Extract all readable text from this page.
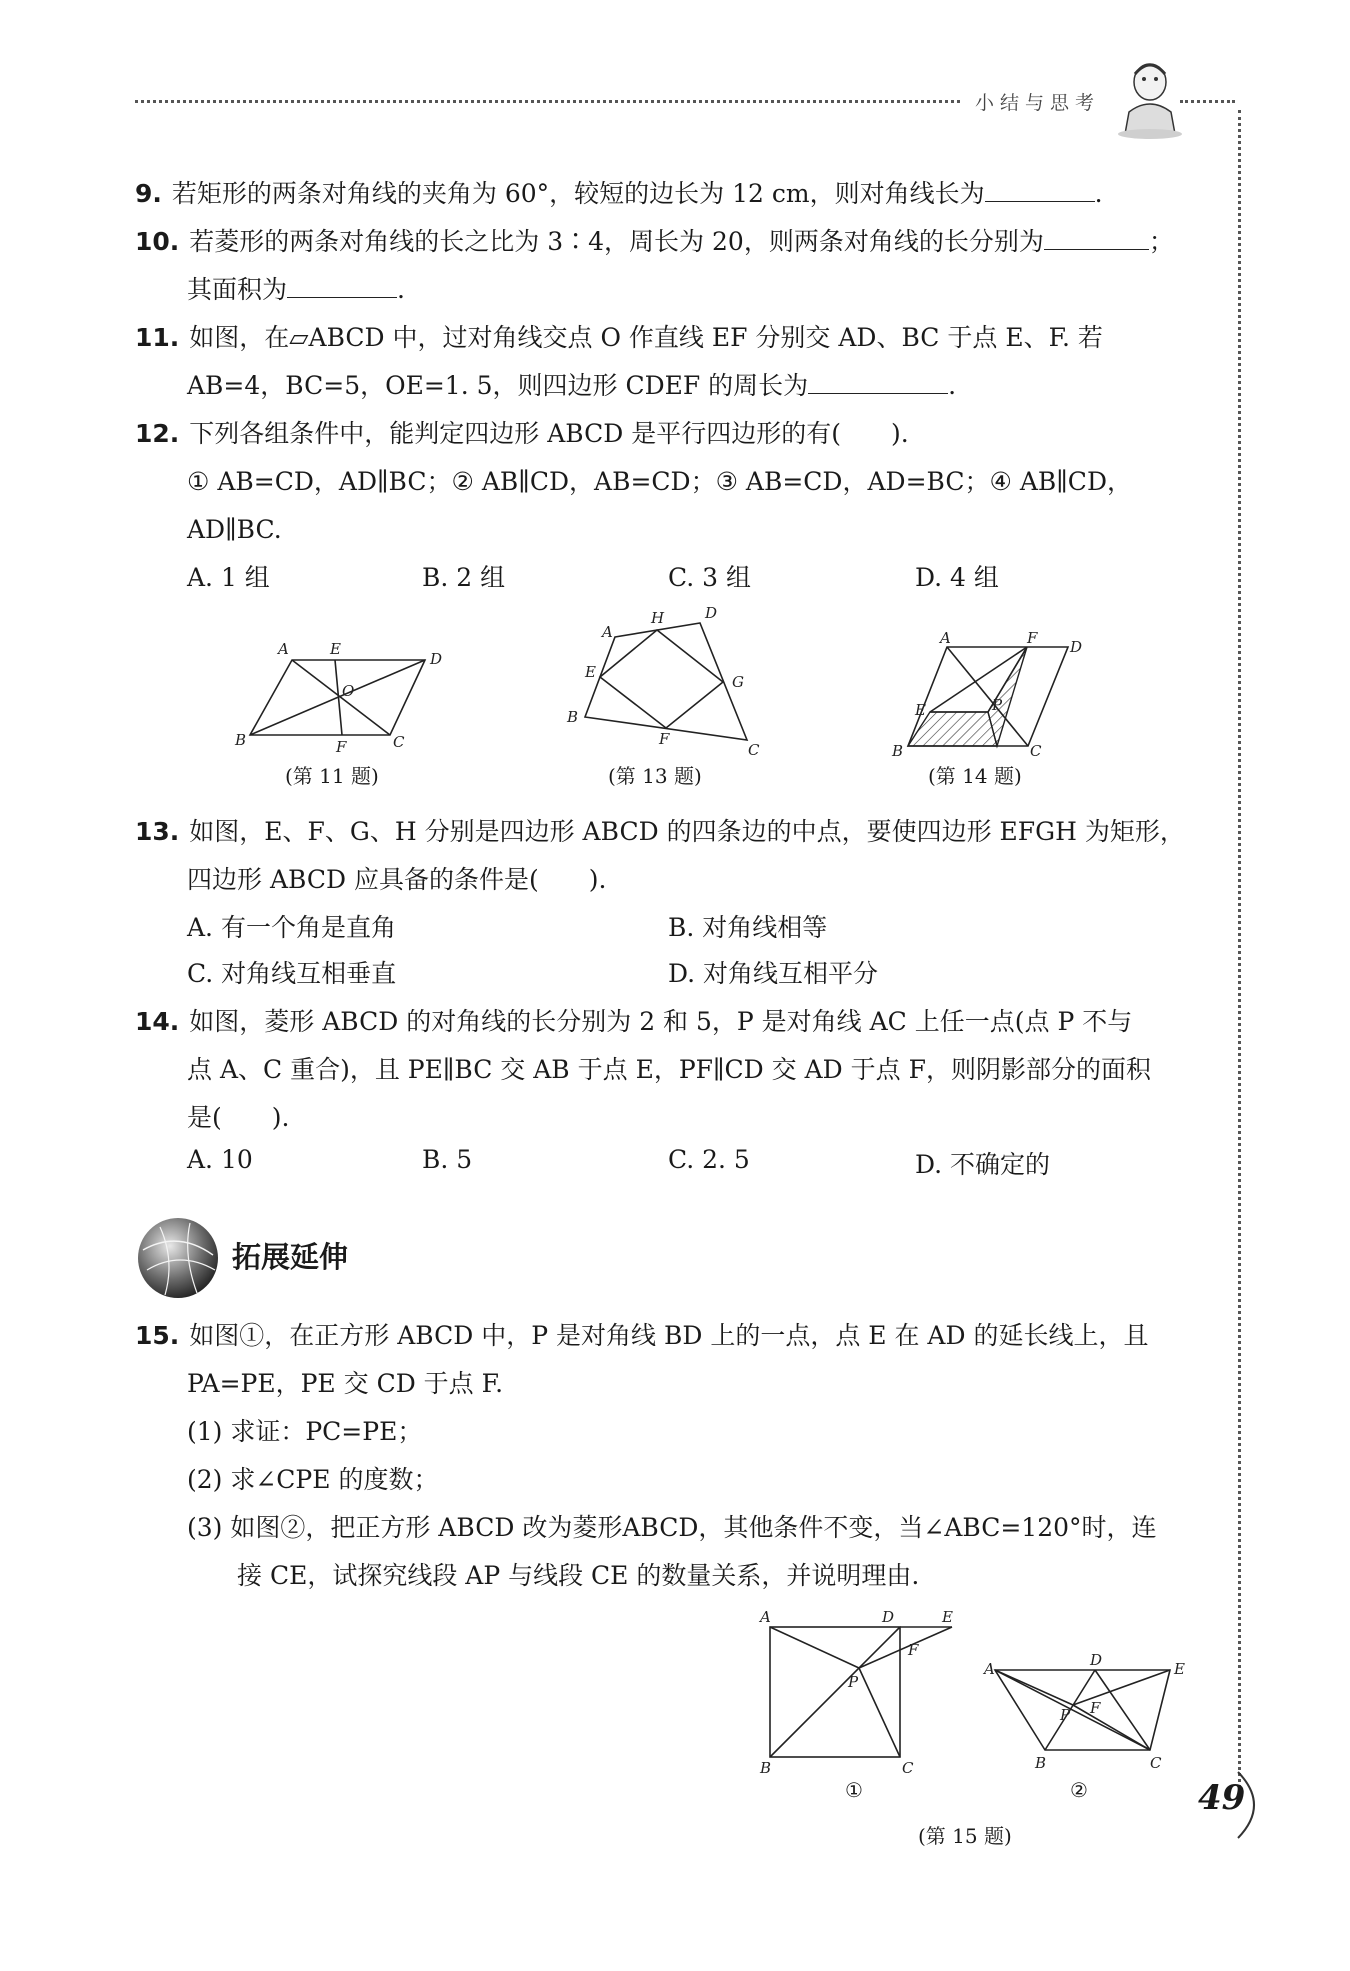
小结与思考
9. 若矩形的两条对角线的夹角为 60°，较短的边长为 12 cm，则对角线长为	.
10. 若菱形的两条对角线的长之比为 3∶4，周长为 20，则两条对角线的长分别为	；
其面积为	.
11. 如图，在▱ABCD 中，过对角线交点 O 作直线 EF 分别交 AD、BC 于点 E、F. 若
AB=4，BC=5，OE=1. 5，则四边形 CDEF 的周长为	.
12. 下列各组条件中，能判定四边形 ABCD 是平行四边形的有(　　).
① AB=CD，AD∥BC；② AB∥CD，AB=CD；③ AB=CD，AD=BC；④ AB∥CD，
AD∥BC.
A. 1 组	B. 2 组	C. 3 组	D. 4 组
A	E
D
O
B	F	C
(第 11 题)
A
H	D
E
G
B
F
C
(第 13 题)
A	F D
E	P
B	C
(第 14 题)
13. 如图，E、F、G、H 分别是四边形 ABCD 的四条边的中点，要使四边形 EFGH 为矩形，
四边形 ABCD 应具备的条件是(　　).
A. 有一个角是直角	B. 对角线相等
C. 对角线互相垂直	D. 对角线互相平分
14. 如图，菱形 ABCD 的对角线的长分别为 2 和 5，P 是对角线 AC 上任一点(点 P 不与
点 A、C 重合)，且 PE∥BC 交 AB 于点 E，PF∥CD 交 AD 于点 F，则阴影部分的面积
是(　　).
A. 10	B. 5	C. 2. 5	D. 不确定的
拓展延伸
15. 如图①，在正方形 ABCD 中，P 是对角线 BD 上的一点，点 E 在 AD 的延长线上，且
PA=PE，PE 交 CD 于点 F.
(1) 求证：PC=PE；
(2) 求∠CPE 的度数；
(3) 如图②，把正方形 ABCD 改为菱形ABCD，其他条件不变，当∠ABC=120°时，连
接 CE，试探究线段 AP 与线段 CE 的数量关系，并说明理由.
A	D	E
F
P
B	C
①
A	D	E
P F
B	C
②
(第 15 题)
49
